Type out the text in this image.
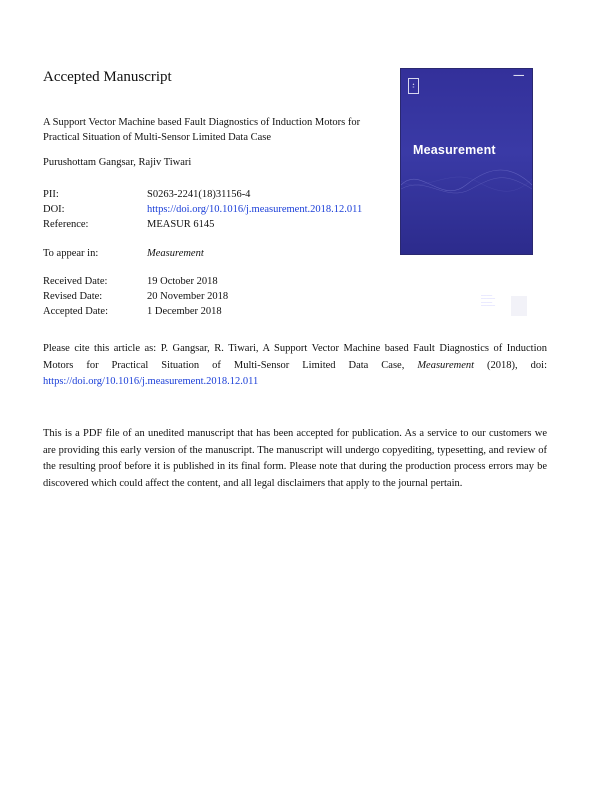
Accepted Manuscript
A Support Vector Machine based Fault Diagnostics of Induction Motors for Practical Situation of Multi-Sensor Limited Data Case
Purushottam Gangsar, Rajiv Tiwari
PII:	S0263-2241(18)31156-4
DOI:	https://doi.org/10.1016/j.measurement.2018.12.011
Reference:	MEASUR 6145
To appear in:	Measurement
Received Date:	19 October 2018
Revised Date:	20 November 2018
Accepted Date:	1 December 2018
Please cite this article as: P. Gangsar, R. Tiwari, A Support Vector Machine based Fault Diagnostics of Induction Motors for Practical Situation of Multi-Sensor Limited Data Case, Measurement (2018), doi: https://doi.org/10.1016/j.measurement.2018.12.011
This is a PDF file of an unedited manuscript that has been accepted for publication. As a service to our customers we are providing this early version of the manuscript. The manuscript will undergo copyediting, typesetting, and review of the resulting proof before it is published in its final form. Please note that during the production process errors may be discovered which could affect the content, and all legal disclaimers that apply to the journal pertain.

▲
≡
▬▬▬
Measurement
▬▬▬▬
▬▬▬▬▬
▬▬▬▬
▬▬▬▬▬
